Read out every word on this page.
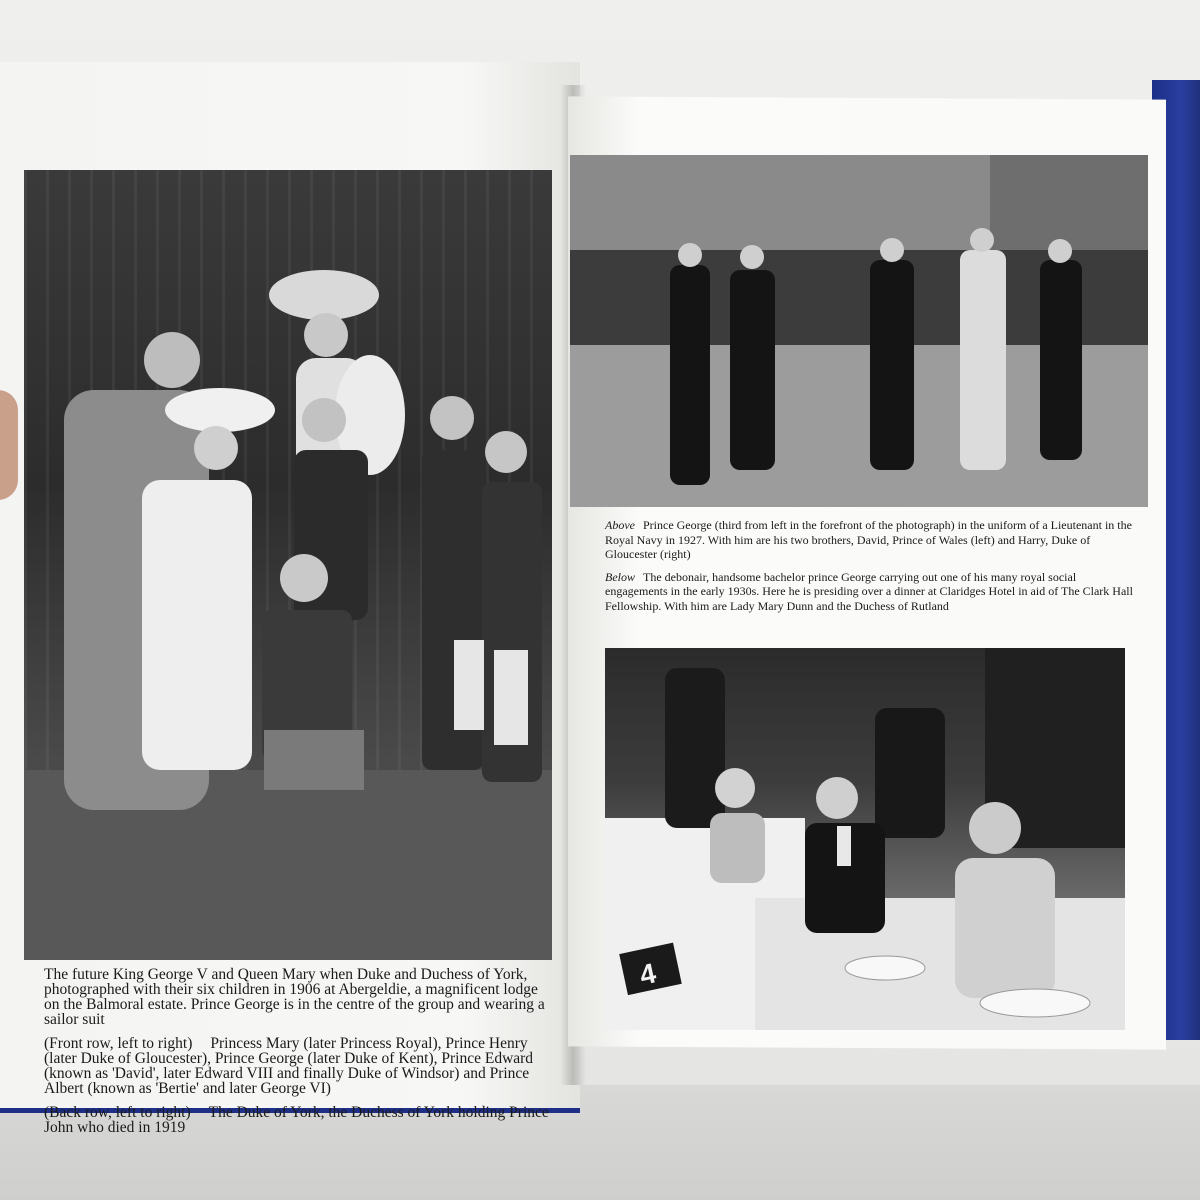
The future King George V and Queen Mary when Duke and Duchess of York, photographed with their six children in 1906 at Abergeldie, a magnificent lodge on the Balmoral estate. Prince George is in the centre of the group and wearing a sailor suit

(Front row, left to right) Princess Mary (later Princess Royal), Prince Henry (later Duke of Gloucester), Prince George (later Duke of Kent), Prince Edward (known as 'David', later Edward VIII and finally Duke of Windsor) and Prince Albert (known as 'Bertie' and later George VI)

(Back row, left to right) The Duke of York, the Duchess of York holding Prince John who died in 1919

Above Prince George (third from left in the forefront of the photograph) in the uniform of a Lieutenant in the Royal Navy in 1927. With him are his two brothers, David, Prince of Wales (left) and Harry, Duke of Gloucester (right)

Below The debonair, handsome bachelor prince George carrying out one of his many royal social engagements in the early 1930s. Here he is presiding over a dinner at Claridges Hotel in aid of The Clark Hall Fellowship. With him are Lady Mary Dunn and the Duchess of Rutland

4
